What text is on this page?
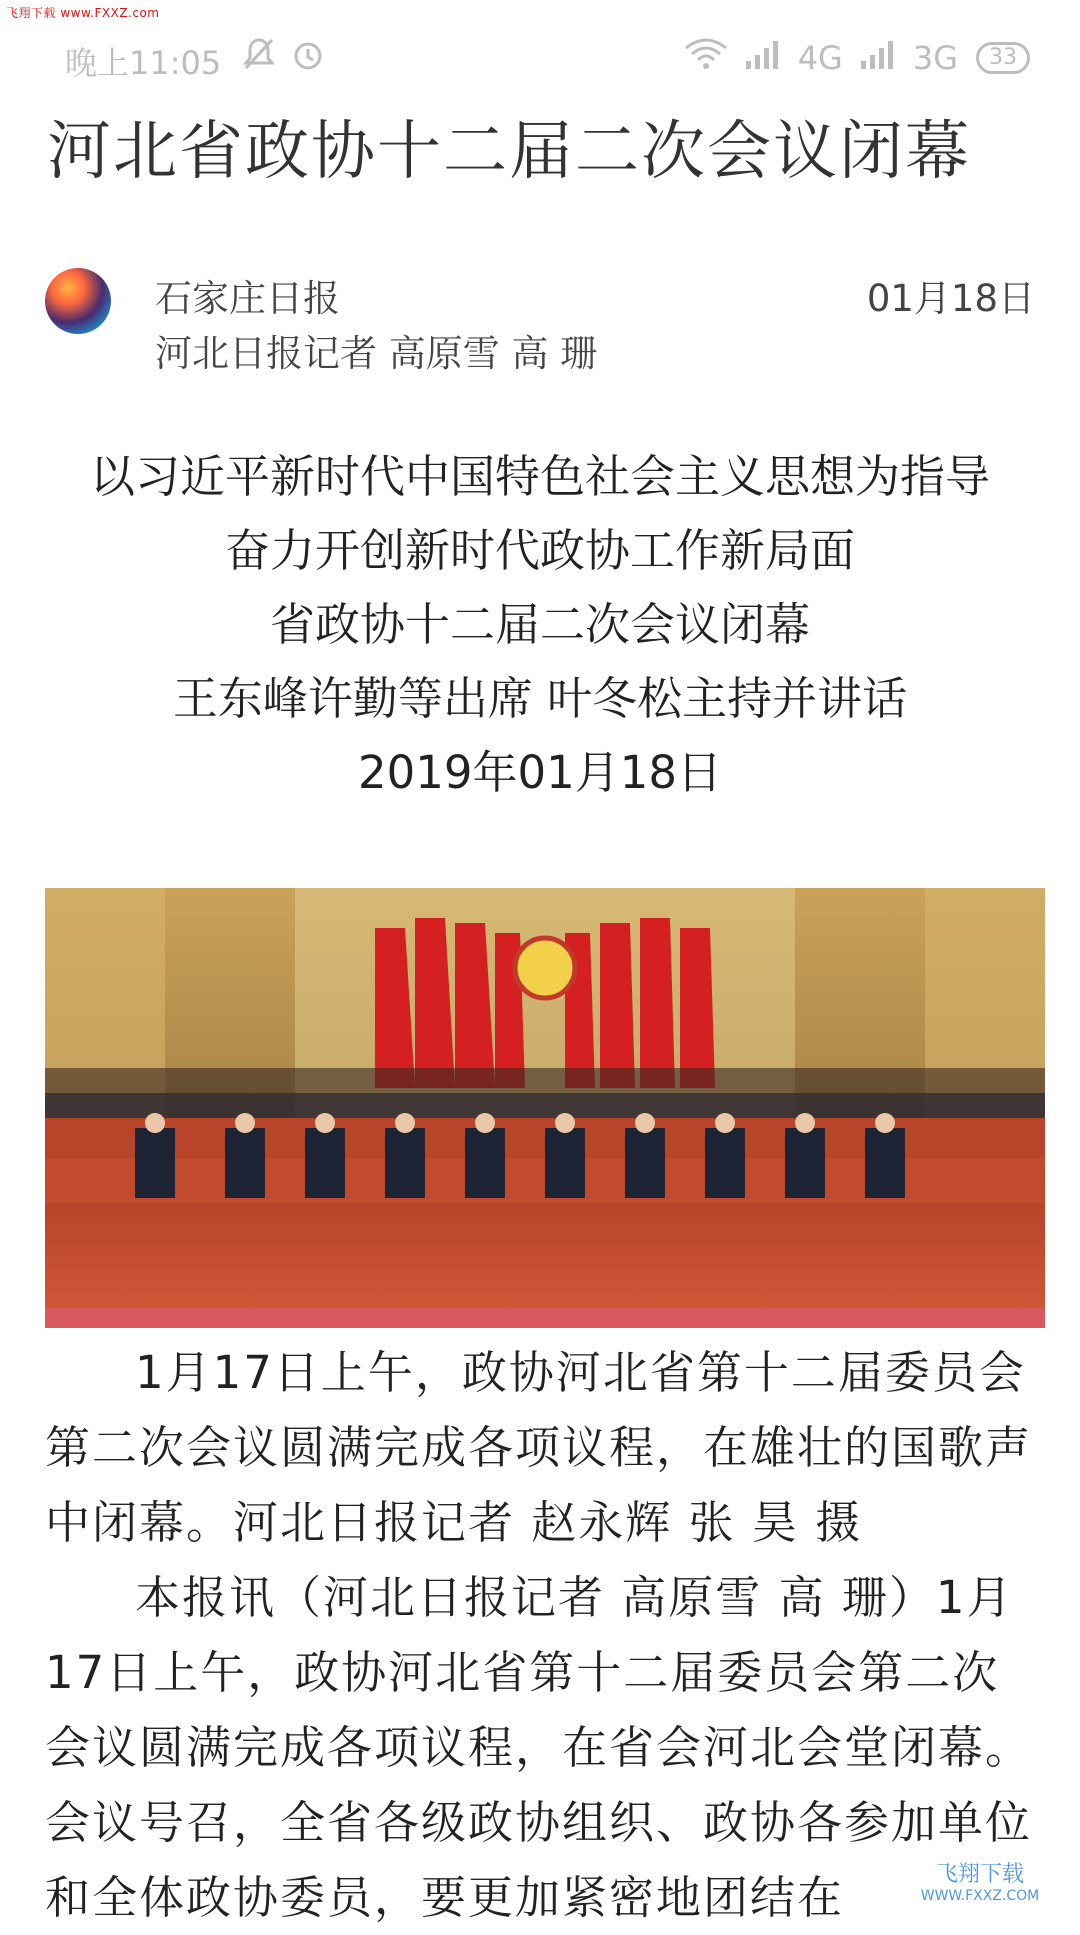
飞翔下载 www.FXXZ.com
晚上11:05	4G 3G	33
河北省政协十二届二次会议闭幕
石家庄日报
河北日报记者 高原雪 高 珊
01月18日
以习近平新时代中国特色社会主义思想为指导
奋力开创新时代政协工作新局面
省政协十二届二次会议闭幕
王东峰许勤等出席 叶冬松主持并讲话
2019年01月18日

1月17日上午，政协河北省第十二届委员会第二次会议圆满完成各项议程，在雄壮的国歌声中闭幕。河北日报记者 赵永辉 张 昊 摄

本报讯（河北日报记者 高原雪 高 珊）1月17日上午，政协河北省第十二届委员会第二次会议圆满完成各项议程，在省会河北会堂闭幕。会议号召，全省各级政协组织、政协各参加单位和全体政协委员，要更加紧密地团结在	飞翔下载
WWW.FXXZ.COM
